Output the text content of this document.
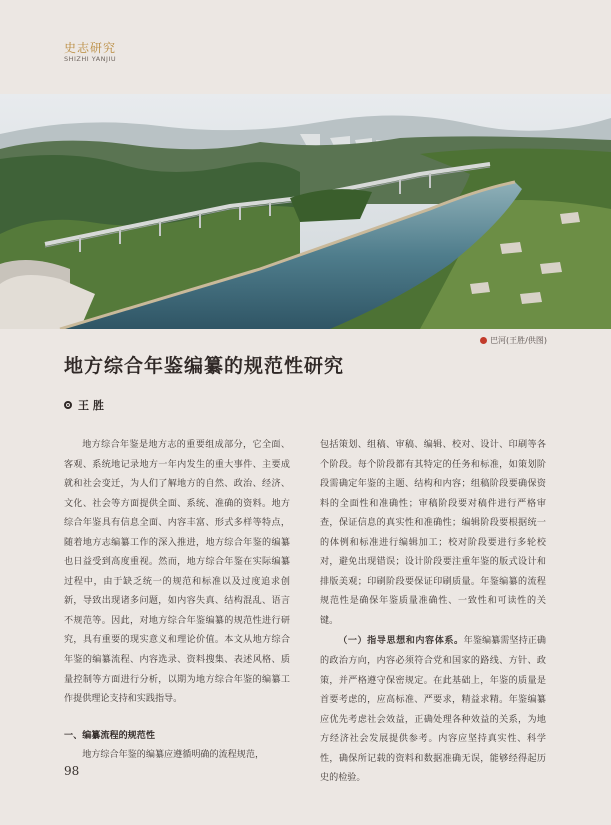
史志研究
SHIZHI YANJIU
巴河(王胜/供图)
地方综合年鉴编纂的规范性研究
王 胜

地方综合年鉴是地方志的重要组成部分，它全面、客观、系统地记录地方一年内发生的重大事件、主要成就和社会变迁，为人们了解地方的自然、政治、经济、文化、社会等方面提供全面、系统、准确的资料。地方综合年鉴具有信息全面、内容丰富、形式多样等特点，随着地方志编纂工作的深入推进，地方综合年鉴的编纂也日益受到高度重视。然而，地方综合年鉴在实际编纂过程中，由于缺乏统一的规范和标准以及过度追求创新，导致出现诸多问题，如内容失真、结构混乱、语言不规范等。因此，对地方综合年鉴编纂的规范性进行研究，具有重要的现实意义和理论价值。本文从地方综合年鉴的编纂流程、内容选录、资料搜集、表述风格、质量控制等方面进行分析，以期为地方综合年鉴的编纂工作提供理论支持和实践指导。

一、编纂流程的规范性

地方综合年鉴的编纂应遵循明确的流程规范，

包括策划、组稿、审稿、编辑、校对、设计、印刷等各个阶段。每个阶段都有其特定的任务和标准，如策划阶段需确定年鉴的主题、结构和内容；组稿阶段要确保资料的全面性和准确性；审稿阶段要对稿件进行严格审查，保证信息的真实性和准确性；编辑阶段要根据统一的体例和标准进行编辑加工；校对阶段要进行多轮校对，避免出现错误；设计阶段要注重年鉴的版式设计和排版美观；印刷阶段要保证印刷质量。年鉴编纂的流程规范性是确保年鉴质量准确性、一致性和可读性的关键。

（一）指导思想和内容体系。年鉴编纂需坚持正确的政治方向，内容必须符合党和国家的路线、方针、政策，并严格遵守保密规定。在此基础上，年鉴的质量是首要考虑的，应高标准、严要求，精益求精。年鉴编纂应优先考虑社会效益，正确处理各种效益的关系，为地方经济社会发展提供参考。内容应坚持真实性、科学性，确保所记载的资料和数据准确无误，能够经得起历史的检验。

98
